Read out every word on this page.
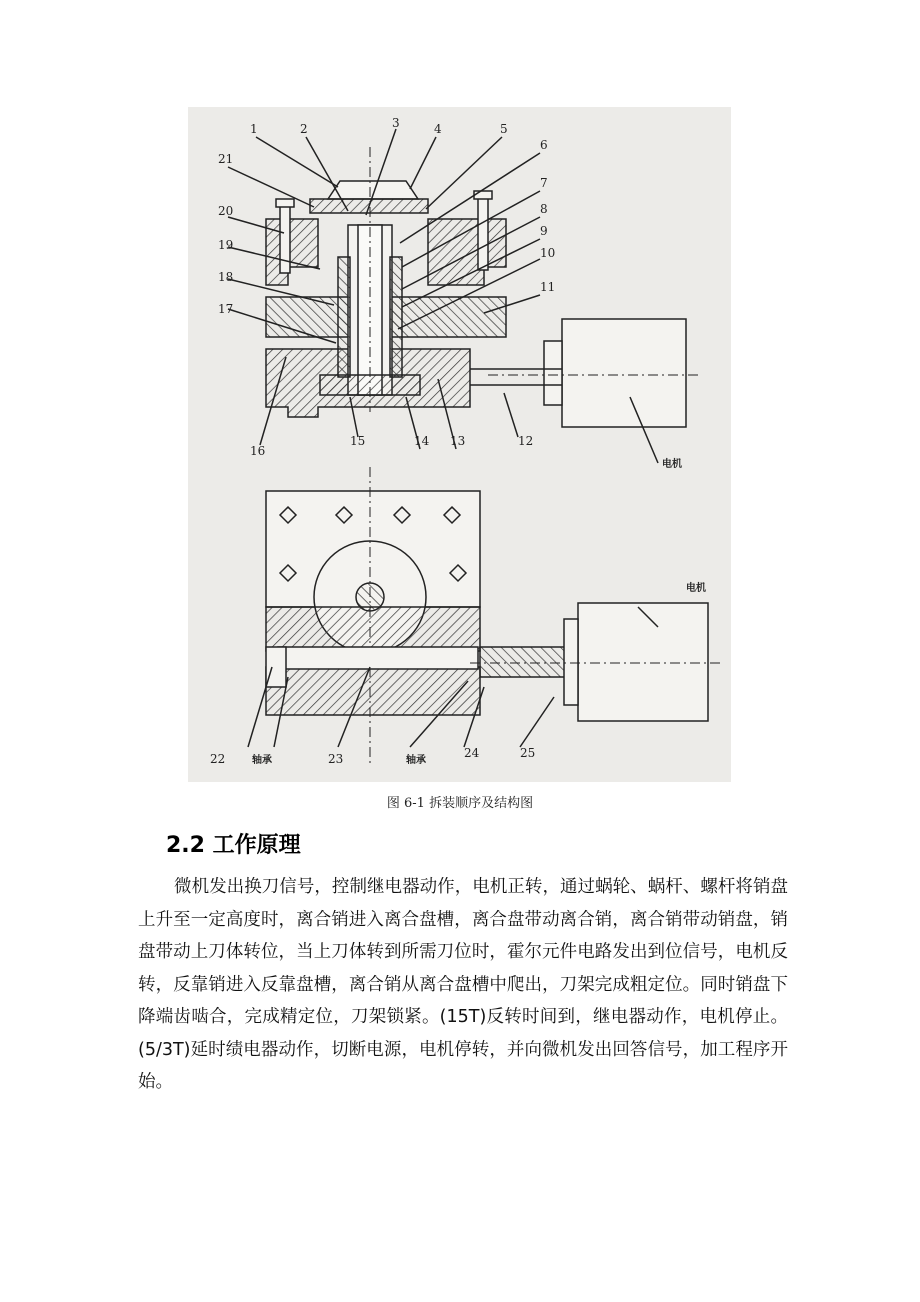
1	2	3	4	5
6
7
8
9
10
11
12
13
14
15
16
17
18
19
20
21
22	23	24	25
电机
电机
轴承	轴承
图 6-1 拆装顺序及结构图
2.2 工作原理
微机发出换刀信号，控制继电器动作，电机正转，通过蜗轮、蜗杆、螺杆将销盘上升至一定高度时，离合销进入离合盘槽，离合盘带动离合销，离合销带动销盘，销盘带动上刀体转位，当上刀体转到所需刀位时，霍尔元件电路发出到位信号，电机反转，反靠销进入反靠盘槽，离合销从离合盘槽中爬出，刀架完成粗定位。同时销盘下降端齿啮合，完成精定位，刀架锁紧。(15T)反转时间到，继电器动作，电机停止。(5/3T)延时绩电器动作，切断电源，电机停转，并向微机发出回答信号，加工程序开始。
